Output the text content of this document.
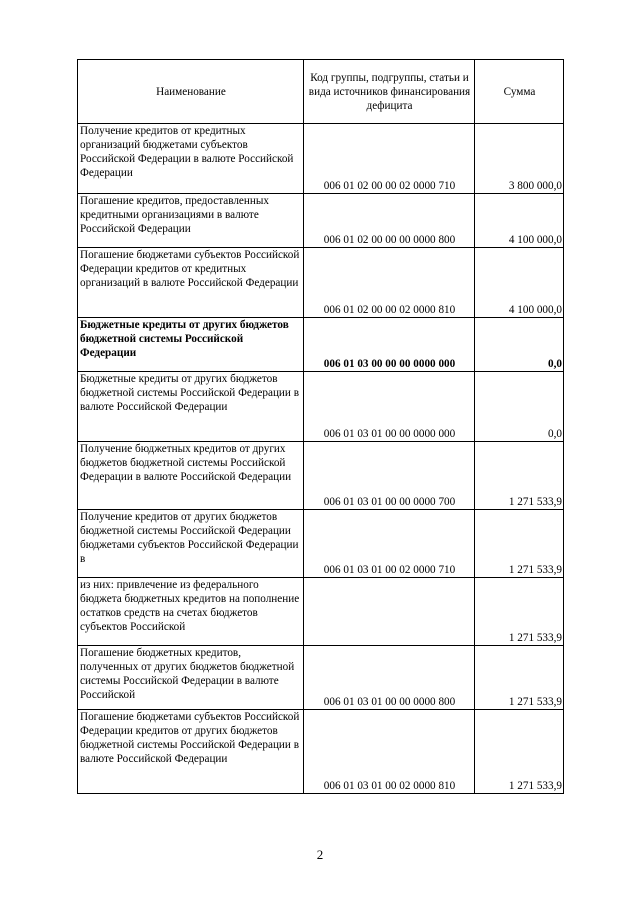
Наименование	Код группы, подгруппы, статьи и вида источников финансирования дефицита	Сумма
Получение кредитов от кредитных организаций бюджетами субъектов Российской Федерации в валюте Российской Федерации	006 01 02 00 00 02 0000 710	3 800 000,0
Погашение кредитов, предоставленных кредитными организациями в валюте Российской Федерации	006 01 02 00 00 00 0000 800	4 100 000,0
Погашение бюджетами субъектов Российской Федерации кредитов от кредитных организаций в валюте Российской Федерации	006 01 02 00 00 02 0000 810	4 100 000,0
Бюджетные кредиты от других бюджетов бюджетной системы Российской Федерации	006 01 03 00 00 00 0000 000	0,0
Бюджетные кредиты от других бюджетов бюджетной системы Российской Федерации в валюте Российской Федерации	006 01 03 01 00 00 0000 000	0,0
Получение бюджетных кредитов от других бюджетов бюджетной системы Российской Федерации в валюте Российской Федерации	006 01 03 01 00 00 0000 700	1 271 533,9
Получение кредитов от других бюджетов бюджетной системы Российской Федерации бюджетами субъектов Российской Федерации в	006 01 03 01 00 02 0000 710	1 271 533,9
из них: привлечение из федерального бюджета бюджетных кредитов на пополнение остатков средств на счетах бюджетов субъектов Российской		1 271 533,9
Погашение бюджетных кредитов, полученных от других бюджетов бюджетной системы Российской Федерации в валюте Российской	006 01 03 01 00 00 0000 800	1 271 533,9
Погашение бюджетами субъектов Российской Федерации кредитов от других бюджетов бюджетной системы Российской Федерации в валюте Российской Федерации	006 01 03 01 00 02 0000 810	1 271 533,9
2
